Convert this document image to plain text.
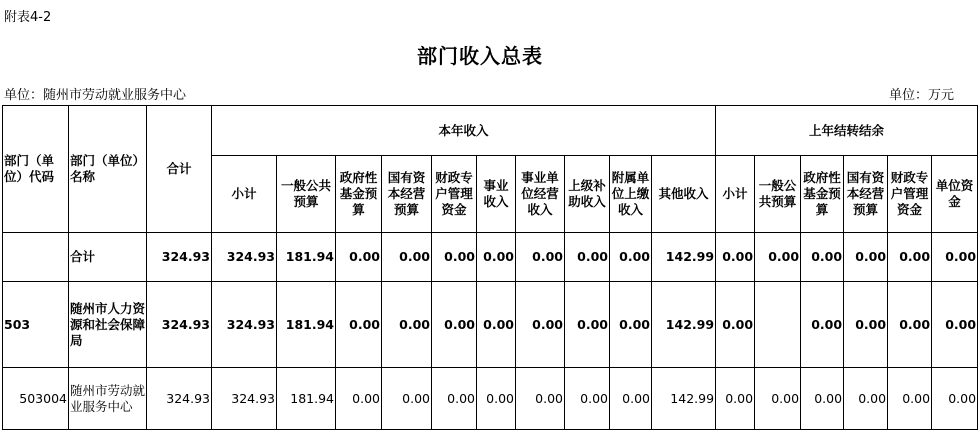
附表4-2
部门收入总表
单位：随州市劳动就业服务中心	单位：万元
部门（单位）代码	部门（单位）名称	合计	本年收入										上年结转结余					
			小计	一般公共预算	政府性基金预算	国有资本经营预算	财政专户管理资金	事业收入	事业单位经营收入	上级补助收入	附属单位上缴收入	其他收入	小计	一般公共预算	政府性基金预算	国有资本经营预算	财政专户管理资金	单位资金
	合计	324.93	324.93	181.94	0.00	0.00	0.00	0.00	0.00	0.00	0.00	142.99	0.00	0.00	0.00	0.00	0.00	0.00
503	随州市人力资源和社会保障局	324.93	324.93	181.94	0.00	0.00	0.00	0.00	0.00	0.00	0.00	142.99	0.00		0.00	0.00	0.00	0.00
503004	随州市劳动就业服务中心	324.93	324.93	181.94	0.00	0.00	0.00	0.00	0.00	0.00	0.00	142.99	0.00	0.00	0.00	0.00	0.00	0.00
